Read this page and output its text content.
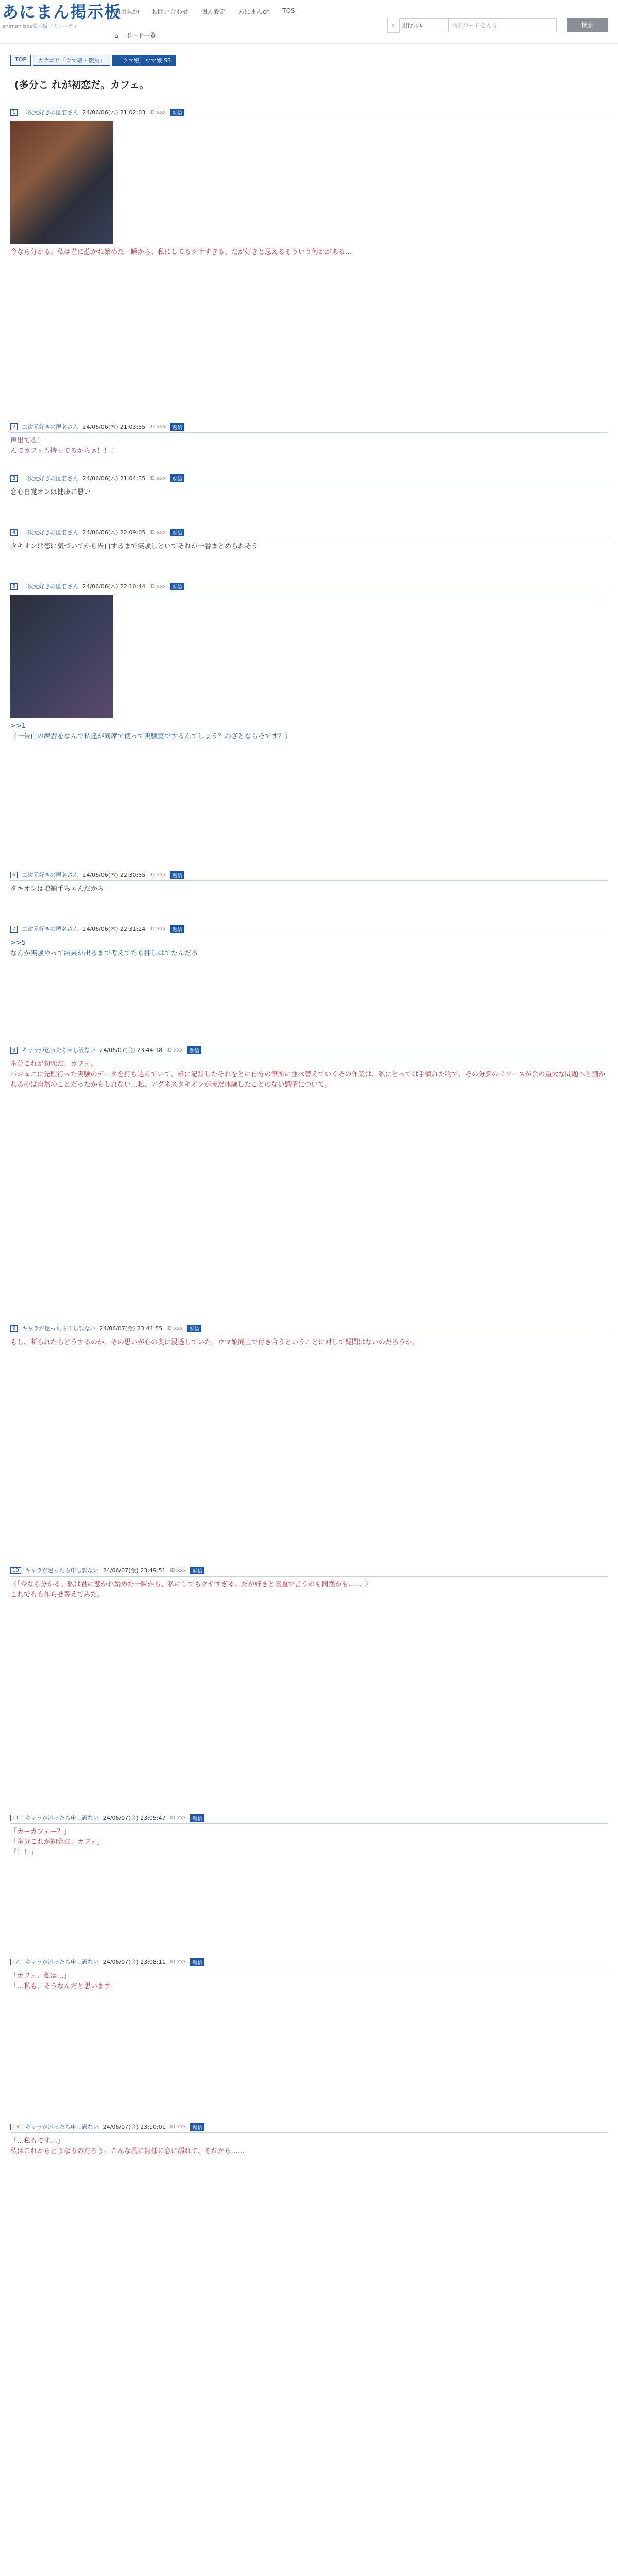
あにまん掲示板
animan bbs掲示板コミュニティ
利用規約 お問い合わせ 個人設定 あにまんch TOS
⌂ ボード一覧
⌕	現行スレ	検索ワードを入力	検索
TOP	カテゴリ「ウマ娘・競馬」	［ウマ娘］ウマ娘 SS
(多分こ れが初恋だ。カフェ。
1	二次元好きの匿名さん 24/06/06(木) 21:02:03 ID:xxx	返信
今なら分かる。私は君に惹かれ始めた一瞬から、私にしてもクサすぎる、だが好きと思えるそういう何かがある…
2	二次元好きの匿名さん 24/06/06(木) 21:03:55 ID:xxx	返信
声出てる！
んでカフェも持ってるからぁ！！！
3	二次元好きの匿名さん 24/06/06(木) 21:04:35 ID:xxx	返信
恋心自覚オンは健康に悪い
4	二次元好きの匿名さん 24/06/06(木) 22:09:05 ID:xxx	返信
タキオンは恋に気づいてから告白するまで実験しといてそれが一番まとめられそう
5	二次元好きの匿名さん 24/06/06(木) 22:10:44 ID:xxx	返信
>>1
（一告白の練習をなんで私達が同席で使って実験室でするんてしょう？わざとならそです？）
6	二次元好きの匿名さん 24/06/06(木) 22:30:55 ID:xxx	返信
タキオンは増補手ちゃんだから一
7	二次元好きの匿名さん 24/06/06(木) 22:31:24 ID:xxx	返信
>>5
なんか実験やって結果が出るまで考えてたら押しはてたんだろ
8	キャラが迷ったら申し訳ない 24/06/07(金) 23:44:18 ID:xxx	返信
多分これが初恋だ、カフェ。
パジュニに先程行った実験のデータを打ち込んでいて、雄に記録したそれをとに自分の筆所に並べ替えていくその作業は、私にとっては手慣れた物で、その分脳のリソースが余の重大な問題へと割かれるのは自然のことだったかもしれない…私、アグネスタキオンが未だ体験したことのない感情について。
9	キャラが迷ったら申し訳ない 24/06/07(金) 23:44:55 ID:xxx	返信
もし、断られたらどうするのか、その思いが心の奥に浸透していた。ウマ娘同士で付き合うということに対して疑問はないのだろうか。
10	キャラが迷ったら申し訳ない 24/06/07(金) 23:49:51 ID:xxx	返信
（「今なら分かる。私は君に惹かれ始めた一瞬から、私にしてもクサすぎる、だが好きと素直で言うのも同然かも……」）
これでもも作らせ答えてみた。
11	キャラが迷ったら申し訳ない 24/06/07(金) 23:05:47 ID:xxx	返信
「カーカフェー？」
「多分これが初恋だ、カフェ」
「！！」
12	キャラが迷ったら申し訳ない 24/06/07(金) 23:08:11 ID:xxx	返信
「カフェ、私は…」
「…私も、そうなんだと思います」
13	キャラが迷ったら申し訳ない 24/06/07(金) 23:10:01 ID:xxx	返信
「…私もです…」
私はこれからどうなるのだろう。こんな風に無様に恋に溺れて、それから……
